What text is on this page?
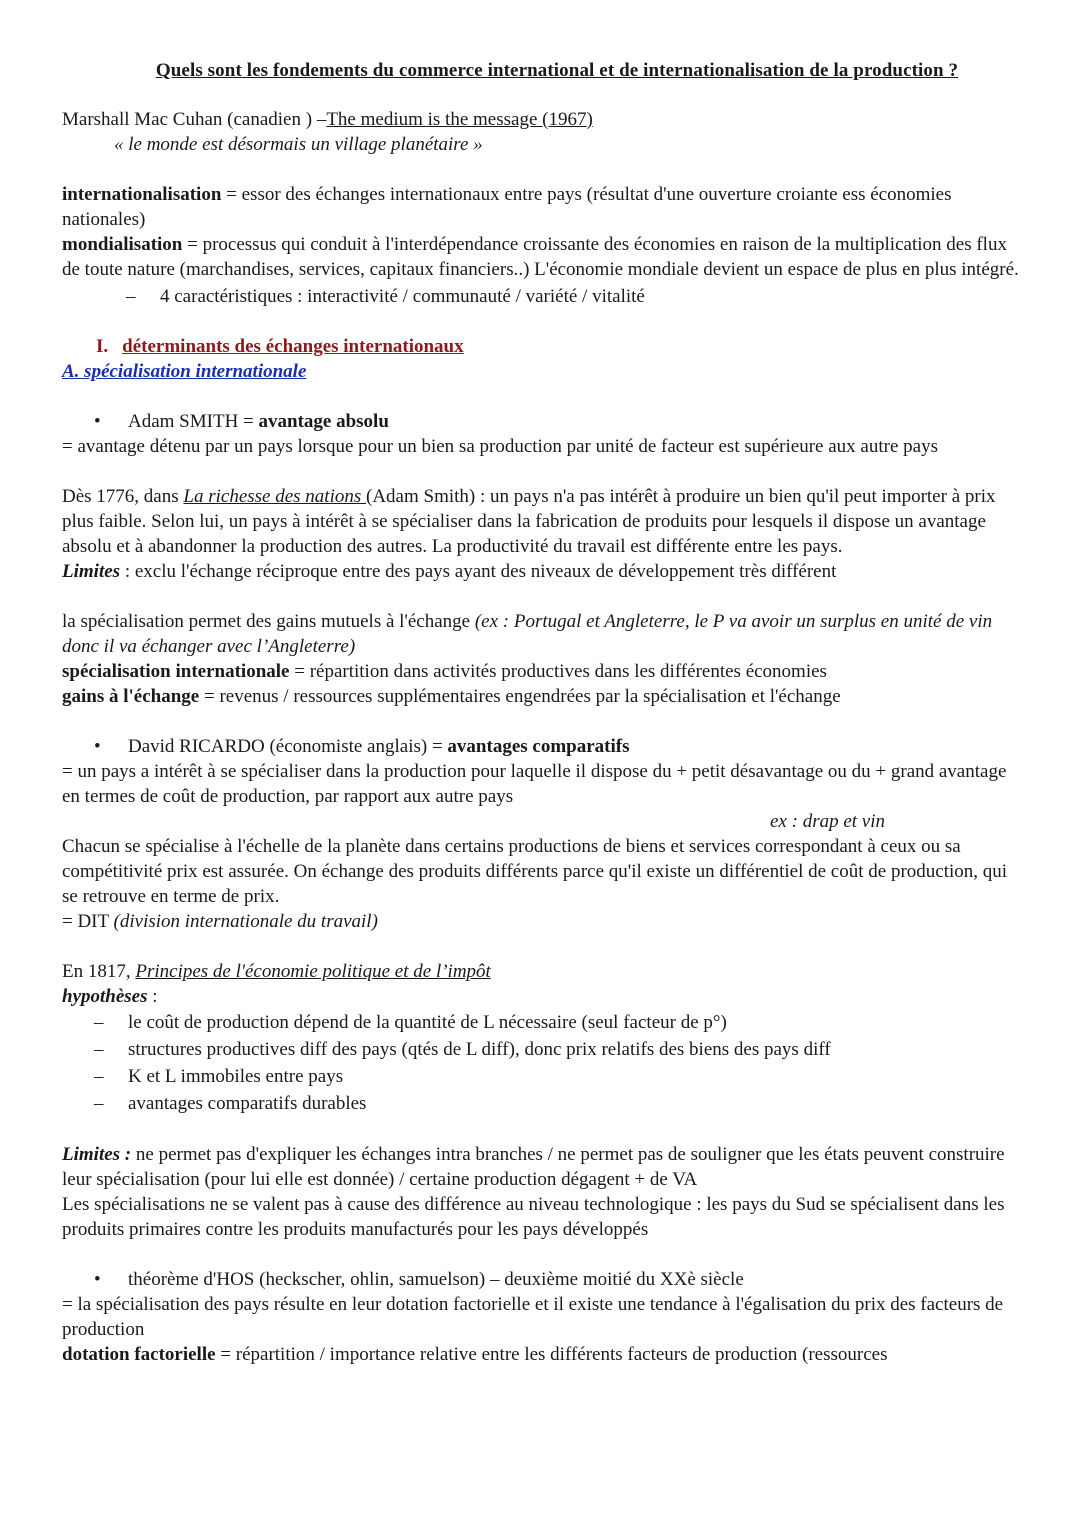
Quels sont les fondements du commerce international et de internationalisation de la production ?
Marshall Mac Cuhan (canadien ) –The medium is the message (1967)
« le monde est désormais un village planétaire »
internationalisation = essor des échanges internationaux entre pays (résultat d'une ouverture croiante ess économies nationales)
mondialisation = processus qui conduit à l'interdépendance croissante des économies en raison de la multiplication des flux de toute nature (marchandises, services, capitaux financiers..) L'économie mondiale devient un espace de plus en plus intégré.
– 4 caractéristiques : interactivité / communauté / variété / vitalité
I. déterminants des échanges internationaux
A. spécialisation internationale
• Adam SMITH = avantage absolu
= avantage détenu par un pays lorsque pour un bien sa production par unité de facteur est supérieure aux autre pays
Dès 1776, dans La richesse des nations (Adam Smith) : un pays n'a pas intérêt à produire un bien qu'il peut importer à prix plus faible. Selon lui, un pays à intérêt à se spécialiser dans la fabrication de produits pour lesquels il dispose un avantage absolu et à abandonner la production des autres. La productivité du travail est différente entre les pays.
Limites : exclu l'échange réciproque entre des pays ayant des niveaux de développement très différent
la spécialisation permet des gains mutuels à l'échange (ex : Portugal et Angleterre, le P va avoir un surplus en unité de vin donc il va échanger avec l’Angleterre)
spécialisation internationale = répartition dans activités productives dans les différentes économies
gains à l'échange = revenus / ressources supplémentaires engendrées par la spécialisation et l'échange
• David RICARDO (économiste anglais) = avantages comparatifs
= un pays a intérêt à se spécialiser dans la production pour laquelle il dispose du + petit désavantage ou du + grand avantage en termes de coût de production, par rapport aux autre pays
ex : drap et vin
Chacun se spécialise à l'échelle de la planète dans certains productions de biens et services correspondant à ceux ou sa compétitivité prix est assurée. On échange des produits différents parce qu'il existe un différentiel de coût de production, qui se retrouve en terme de prix.
= DIT (division internationale du travail)
En 1817, Principes de l'économie politique et de l’impôt
hypothèses :
– le coût de production dépend de la quantité de L nécessaire (seul facteur de p°)
– structures productives diff des pays (qtés de L diff), donc prix relatifs des biens des pays diff
– K et L immobiles entre pays
– avantages comparatifs durables
Limites : ne permet pas d'expliquer les échanges intra branches / ne permet pas de souligner que les états peuvent construire leur spécialisation (pour lui elle est donnée) / certaine production dégagent + de VA
Les spécialisations ne se valent pas à cause des différence au niveau technologique : les pays du Sud se spécialisent dans les produits primaires contre les produits manufacturés pour les pays développés
• théorème d'HOS (heckscher, ohlin, samuelson) – deuxième moitié du XXè siècle
= la spécialisation des pays résulte en leur dotation factorielle et il existe une tendance à l'égalisation du prix des facteurs de production
dotation factorielle = répartition / importance relative entre les différents facteurs de production (ressources
